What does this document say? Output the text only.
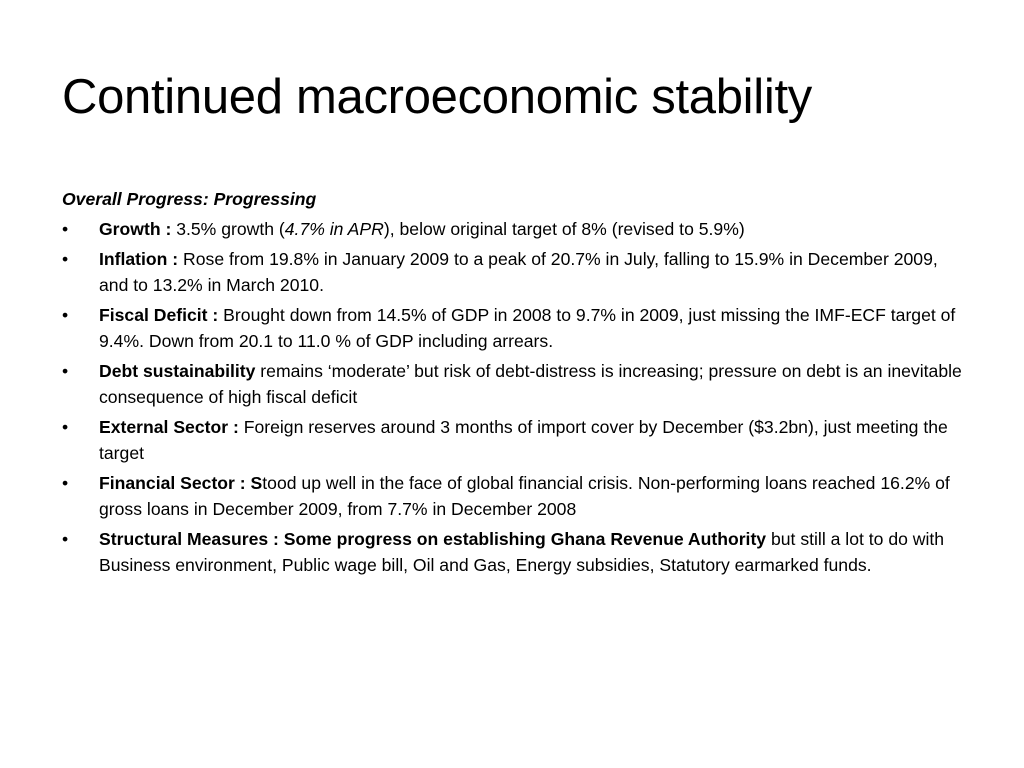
Continued macroeconomic stability
Overall Progress: Progressing
•	Growth : 3.5% growth (4.7% in APR), below original target of 8% (revised to 5.9%)
•	Inflation : Rose from 19.8% in January 2009 to a peak of 20.7% in July, falling to 15.9% in December 2009, and to 13.2% in March 2010.
•	Fiscal Deficit : Brought down from 14.5% of GDP in 2008 to 9.7% in 2009, just missing the IMF-ECF target of 9.4%. Down from 20.1 to 11.0 % of GDP including arrears.
•	Debt sustainability remains ‘moderate’ but risk of debt-distress is increasing; pressure on debt is an inevitable consequence of high fiscal deficit
•	External Sector : Foreign reserves around 3 months of import cover by December ($3.2bn), just meeting the target
•	Financial Sector : Stood up well in the face of global financial crisis. Non-performing loans reached 16.2% of gross loans in December 2009, from 7.7% in December 2008
•	Structural Measures : Some progress on establishing Ghana Revenue Authority but still a lot to do with Business environment, Public wage bill, Oil and Gas, Energy subsidies, Statutory earmarked funds.
